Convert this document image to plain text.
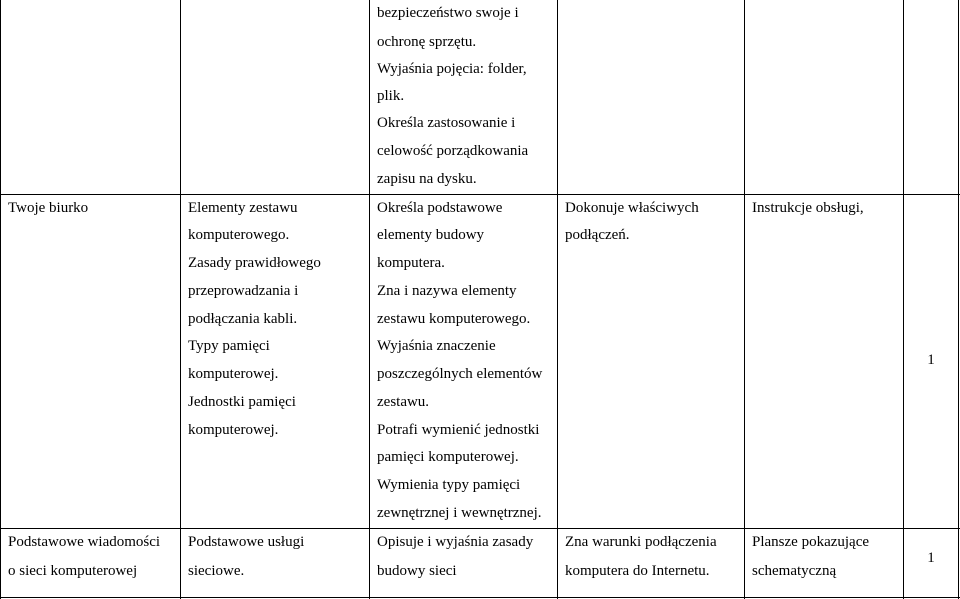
bezpieczeństwo swoje i
ochronę sprzętu.
Wyjaśnia pojęcia: folder,
plik.
Określa zastosowanie i
celowość porządkowania
zapisu na dysku.
Twoje biurko	Elementy zestawu
komputerowego.
Zasady prawidłowego
przeprowadzania i
podłączania kabli.
Typy pamięci
komputerowej.
Jednostki pamięci
komputerowej.
Określa podstawowe
elementy budowy
komputera.
Zna i nazywa elementy
zestawu komputerowego.
Wyjaśnia znaczenie
poszczególnych elementów
zestawu.
Potrafi wymienić jednostki
pamięci komputerowej.
Wymienia typy pamięci
zewnętrznej i wewnętrznej.
Dokonuje właściwych
podłączeń.
Instrukcje obsługi,
1
Podstawowe wiadomości
o sieci komputerowej
Podstawowe usługi
sieciowe.
Opisuje i wyjaśnia zasady
budowy sieci
Zna warunki podłączenia
komputera do Internetu.
Plansze pokazujące
schematyczną
1
